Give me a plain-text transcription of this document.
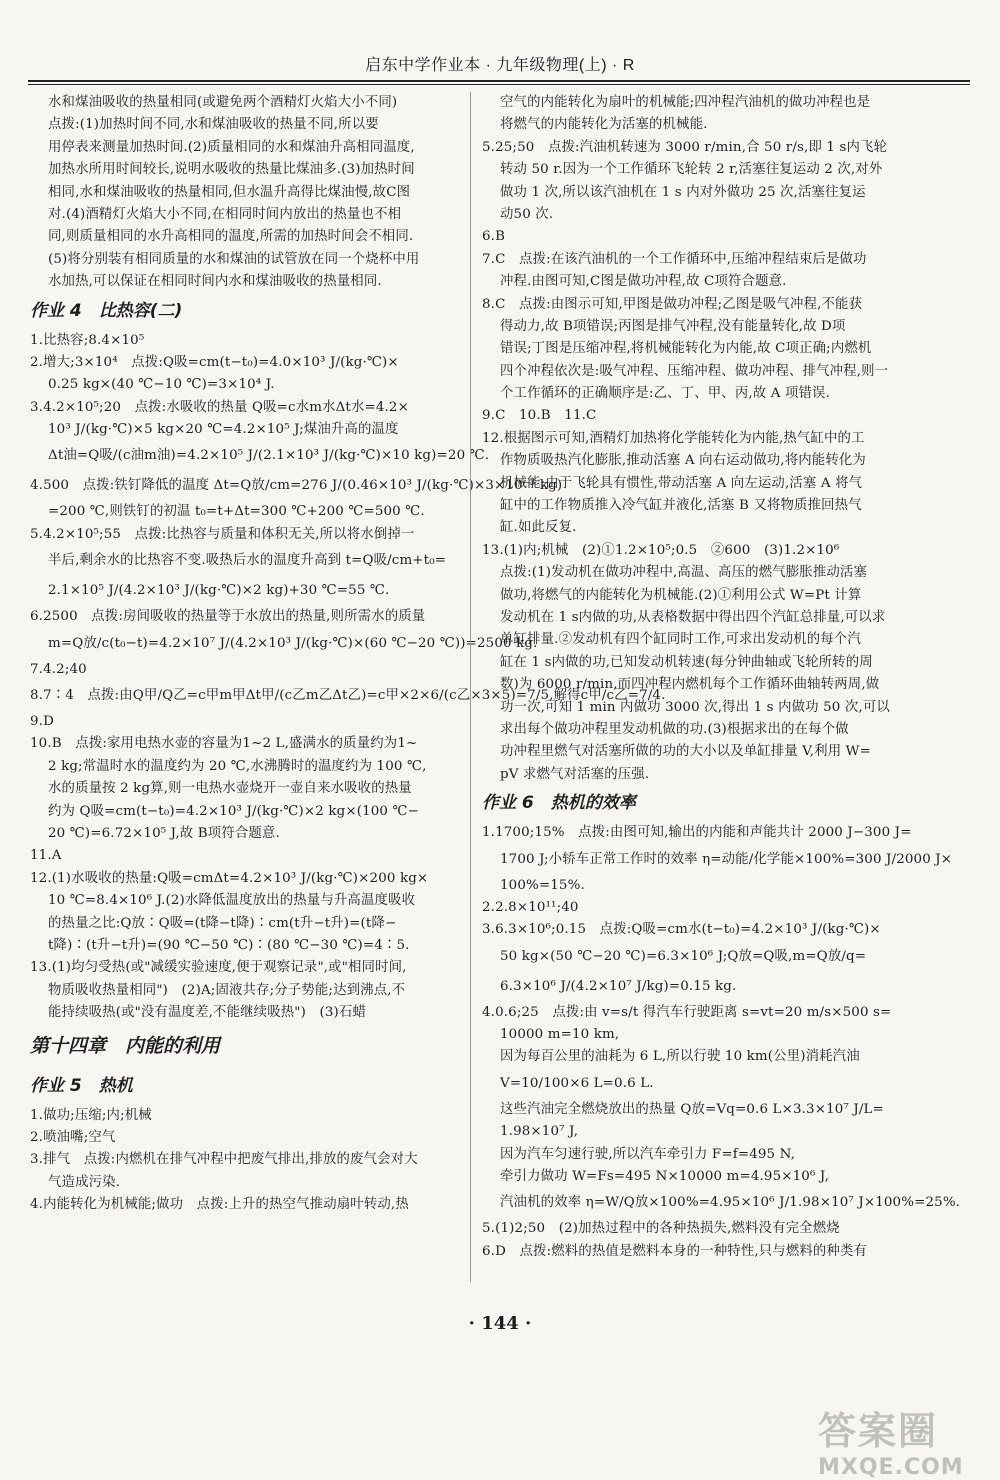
启东中学作业本 · 九年级物理(上) · R
水和煤油吸收的热量相同(或避免两个酒精灯火焰大小不同)
点拨:(1)加热时间不同,水和煤油吸收的热量不同,所以要
用停表来测量加热时间.(2)质量相同的水和煤油升高相同温度,
加热水所用时间较长,说明水吸收的热量比煤油多.(3)加热时间
相同,水和煤油吸收的热量相同,但水温升高得比煤油慢,故C图
对.(4)酒精灯火焰大小不同,在相同时间内放出的热量也不相
同,则质量相同的水升高相同的温度,所需的加热时间会不相同.
(5)将分别装有相同质量的水和煤油的试管放在同一个烧杯中用
水加热,可以保证在相同时间内水和煤油吸收的热量相同.
作业 4　比热容(二)
1.比热容;8.4×10⁵
2.增大;3×10⁴　点拨:Q吸=cm(t−t₀)=4.0×10³ J/(kg·℃)×
0.25 kg×(40 ℃−10 ℃)=3×10⁴ J.
3.4.2×10⁵;20　点拨:水吸收的热量 Q吸=c水m水Δt水=4.2×
10³ J/(kg·℃)×5 kg×20 ℃=4.2×10⁵ J;煤油升高的温度
Δt油=Q吸/(c油m油)=4.2×10⁵ J/(2.1×10³ J/(kg·℃)×10 kg)=20 ℃.
4.500　点拨:铁钉降低的温度 Δt=Q放/cm=276 J/(0.46×10³ J/(kg·℃)×3×10⁻³ kg)
=200 ℃,则铁钉的初温 t₀=t+Δt=300 ℃+200 ℃=500 ℃.
5.4.2×10⁵;55　点拨:比热容与质量和体积无关,所以将水倒掉一
半后,剩余水的比热容不变.吸热后水的温度升高到 t=Q吸/cm+t₀=
2.1×10⁵ J/(4.2×10³ J/(kg·℃)×2 kg)+30 ℃=55 ℃.
6.2500　点拨:房间吸收的热量等于水放出的热量,则所需水的质量
m=Q放/c(t₀−t)=4.2×10⁷ J/(4.2×10³ J/(kg·℃)×(60 ℃−20 ℃))=2500 kg.
7.4.2;40
8.7∶4　点拨:由Q甲/Q乙=c甲m甲Δt甲/(c乙m乙Δt乙)=c甲×2×6/(c乙×3×5)=7/5,解得c甲/c乙=7/4.
9.D
10.B　点拨:家用电热水壶的容量为1~2 L,盛满水的质量约为1~
2 kg;常温时水的温度约为 20 ℃,水沸腾时的温度约为 100 ℃,
水的质量按 2 kg算,则一电热水壶烧开一壶自来水吸收的热量
约为 Q吸=cm(t−t₀)=4.2×10³ J/(kg·℃)×2 kg×(100 ℃−
20 ℃)=6.72×10⁵ J,故 B项符合题意.
11.A
12.(1)水吸收的热量:Q吸=cmΔt=4.2×10³ J/(kg·℃)×200 kg×
10 ℃=8.4×10⁶ J.(2)水降低温度放出的热量与升高温度吸收
的热量之比:Q放∶Q吸=(t降−t降)∶cm(t升−t升)=(t降−
t降)∶(t升−t升)=(90 ℃−50 ℃)∶(80 ℃−30 ℃)=4∶5.
13.(1)均匀受热(或"减缓实验速度,便于观察记录",或"相同时间,
物质吸收热量相同")　(2)A;固液共存;分子势能;达到沸点,不
能持续吸热(或"没有温度差,不能继续吸热")　(3)石蜡
第十四章　内能的利用
作业 5　热机
1.做功;压缩;内;机械
2.喷油嘴;空气
3.排气　点拨:内燃机在排气冲程中把废气排出,排放的废气会对大
气造成污染.
4.内能转化为机械能;做功　点拨:上升的热空气推动扇叶转动,热
空气的内能转化为扇叶的机械能;四冲程汽油机的做功冲程也是
将燃气的内能转化为活塞的机械能.
5.25;50　点拨:汽油机转速为 3000 r/min,合 50 r/s,即 1 s内飞轮
转动 50 r.因为一个工作循环飞轮转 2 r,活塞往复运动 2 次,对外
做功 1 次,所以该汽油机在 1 s 内对外做功 25 次,活塞往复运
动50 次.
6.B
7.C　点拨:在该汽油机的一个工作循环中,压缩冲程结束后是做功
冲程.由图可知,C图是做功冲程,故 C项符合题意.
8.C　点拨:由图示可知,甲图是做功冲程;乙图是吸气冲程,不能获
得动力,故 B项错误;丙图是排气冲程,没有能量转化,故 D项
错误;丁图是压缩冲程,将机械能转化为内能,故 C项正确;内燃机
四个冲程依次是:吸气冲程、压缩冲程、做功冲程、排气冲程,则一
个工作循环的正确顺序是:乙、丁、甲、丙,故 A 项错误.
9.C　10.B　11.C
12.根据图示可知,酒精灯加热将化学能转化为内能,热气缸中的工
作物质吸热汽化膨胀,推动活塞 A 向右运动做功,将内能转化为
机械能;由于飞轮具有惯性,带动活塞 A 向左运动,活塞 A 将气
缸中的工作物质推入冷气缸并液化,活塞 B 又将物质推回热气
缸.如此反复.
13.(1)内;机械　(2)①1.2×10⁵;0.5　②600　(3)1.2×10⁶
点拨:(1)发动机在做功冲程中,高温、高压的燃气膨胀推动活塞
做功,将燃气的内能转化为机械能.(2)①利用公式 W=Pt 计算
发动机在 1 s内做的功,从表格数据中得出四个汽缸总排量,可以求
单缸排量.②发动机有四个缸同时工作,可求出发动机的每个汽
缸在 1 s内做的功,已知发动机转速(每分钟曲轴或飞轮所转的周
数)为 6000 r/min,而四冲程内燃机每个工作循环曲轴转两周,做
功一次,可知 1 min 内做功 3000 次,得出 1 s 内做功 50 次,可以
求出每个做功冲程里发动机做的功.(3)根据求出的在每个做
功冲程里燃气对活塞所做的功的大小以及单缸排量 V,利用 W=
pV 求燃气对活塞的压强.
作业 6　热机的效率
1.1700;15%　点拨:由图可知,输出的内能和声能共计 2000 J−300 J=
1700 J;小轿车正常工作时的效率 η=动能/化学能×100%=300 J/2000 J×
100%=15%.
2.2.8×10¹¹;40
3.6.3×10⁶;0.15　点拨:Q吸=cm水(t−t₀)=4.2×10³ J/(kg·℃)×
50 kg×(50 ℃−20 ℃)=6.3×10⁶ J;Q放=Q吸,m=Q放/q=
6.3×10⁶ J/(4.2×10⁷ J/kg)=0.15 kg.
4.0.6;25　点拨:由 v=s/t 得汽车行驶距离 s=vt=20 m/s×500 s=
10000 m=10 km,
因为每百公里的油耗为 6 L,所以行驶 10 km(公里)消耗汽油
V=10/100×6 L=0.6 L.
这些汽油完全燃烧放出的热量 Q放=Vq=0.6 L×3.3×10⁷ J/L=
1.98×10⁷ J,
因为汽车匀速行驶,所以汽车牵引力 F=f=495 N,
牵引力做功 W=Fs=495 N×10000 m=4.95×10⁶ J,
汽油机的效率 η=W/Q放×100%=4.95×10⁶ J/1.98×10⁷ J×100%=25%.
5.(1)2;50　(2)加热过程中的各种热损失,燃料没有完全燃烧
6.D　点拨:燃料的热值是燃料本身的一种特性,只与燃料的种类有
· 144 ·
答案圈
MXQE.COM
